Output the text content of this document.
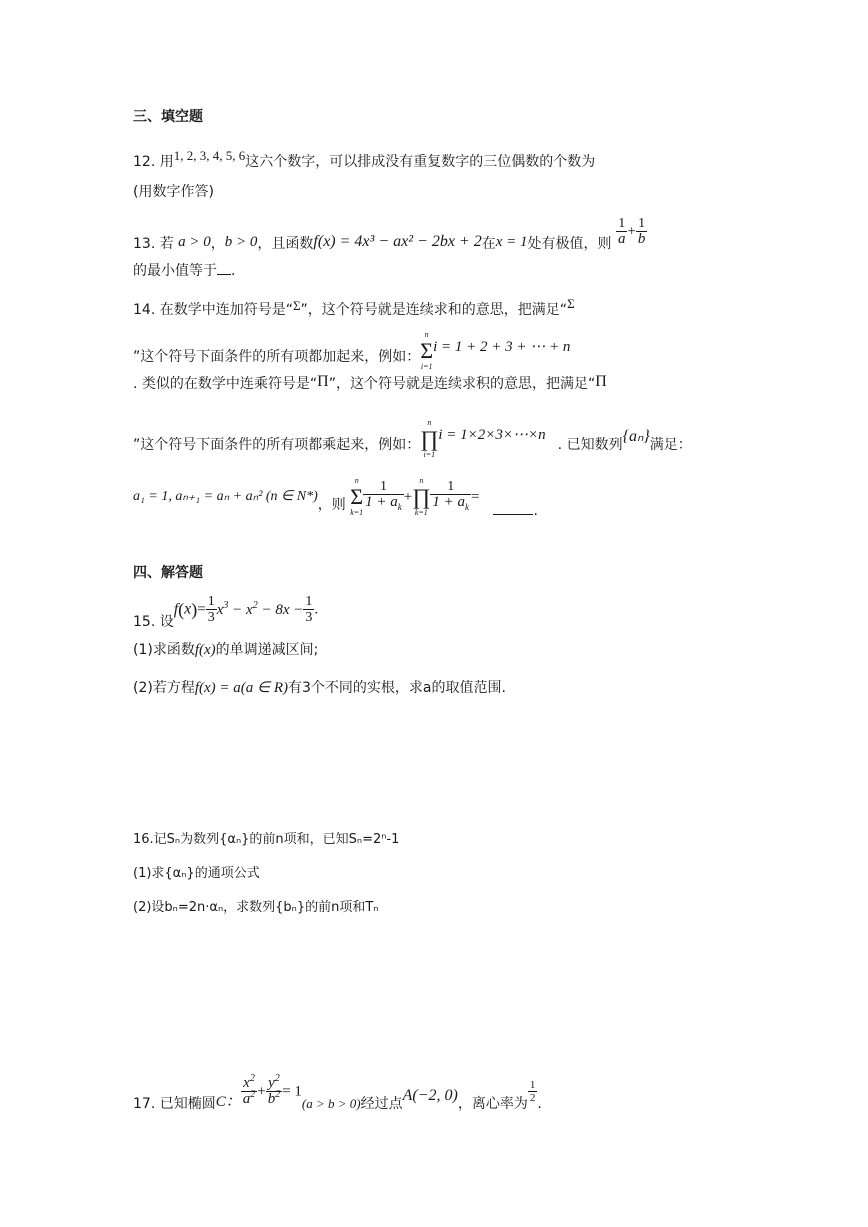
三、填空题
12. 用1, 2, 3, 4, 5, 6这六个数字，可以排成没有重复数字的三位偶数的个数为
(用数字作答)
13. 若 a > 0，b > 0，且函数f(x) = 4x³ − ax² − 2bx + 2在x = 1处有极值，则 $\frac{1}{a} + \frac{1}{b}$
的最小值等于 .
14. 在数学中连加符号是“Σ”，这个符号就是连续求和的意思，把满足“Σ
”这个符号下面条件的所有项都加起来，例如：
n
Σ
i=1
i = 1 + 2 + 3 + ⋯ + n
. 类似的在数学中连乘符号是“Π”，这个符号就是连续求积的意思，把满足“Π
”这个符号下面条件的所有项都乘起来，例如：
n
∏
i=1
i = 1×2×3×⋯×n. 已知数列{aₙ}满足：
a₁ = 1, aₙ₊₁ = aₙ + aₙ² (n ∈ N*)，则
n
Σ
$k=1 \frac{1}{1 + a_k}$ +
n
∏
$k=1 \frac{1}{1 + a_k}$ =.
四、解答题
15. 设$f(x)= \frac{1}{3} x^3 - x^2 - 8x - \frac{1}{3}$ .
(1)求函数f(x)的单调递减区间;
(2)若方程f(x) = a(a ∈ R)有3个不同的实根，求a的取值范围.
16.记Sₙ为数列{αₙ}的前n项和，已知Sₙ=2ⁿ-1
(1)求{αₙ}的通项公式
(2)设bₙ=2n·αₙ，求数列{bₙ}的前n项和Tₙ
17. 已知椭圆C： $\frac{x^2}{a^2} + \frac{y^2}{b^2} = 1(a > b > 0)$经过点A(−2, 0)，离心率为 $\frac{1}{2}$ .
